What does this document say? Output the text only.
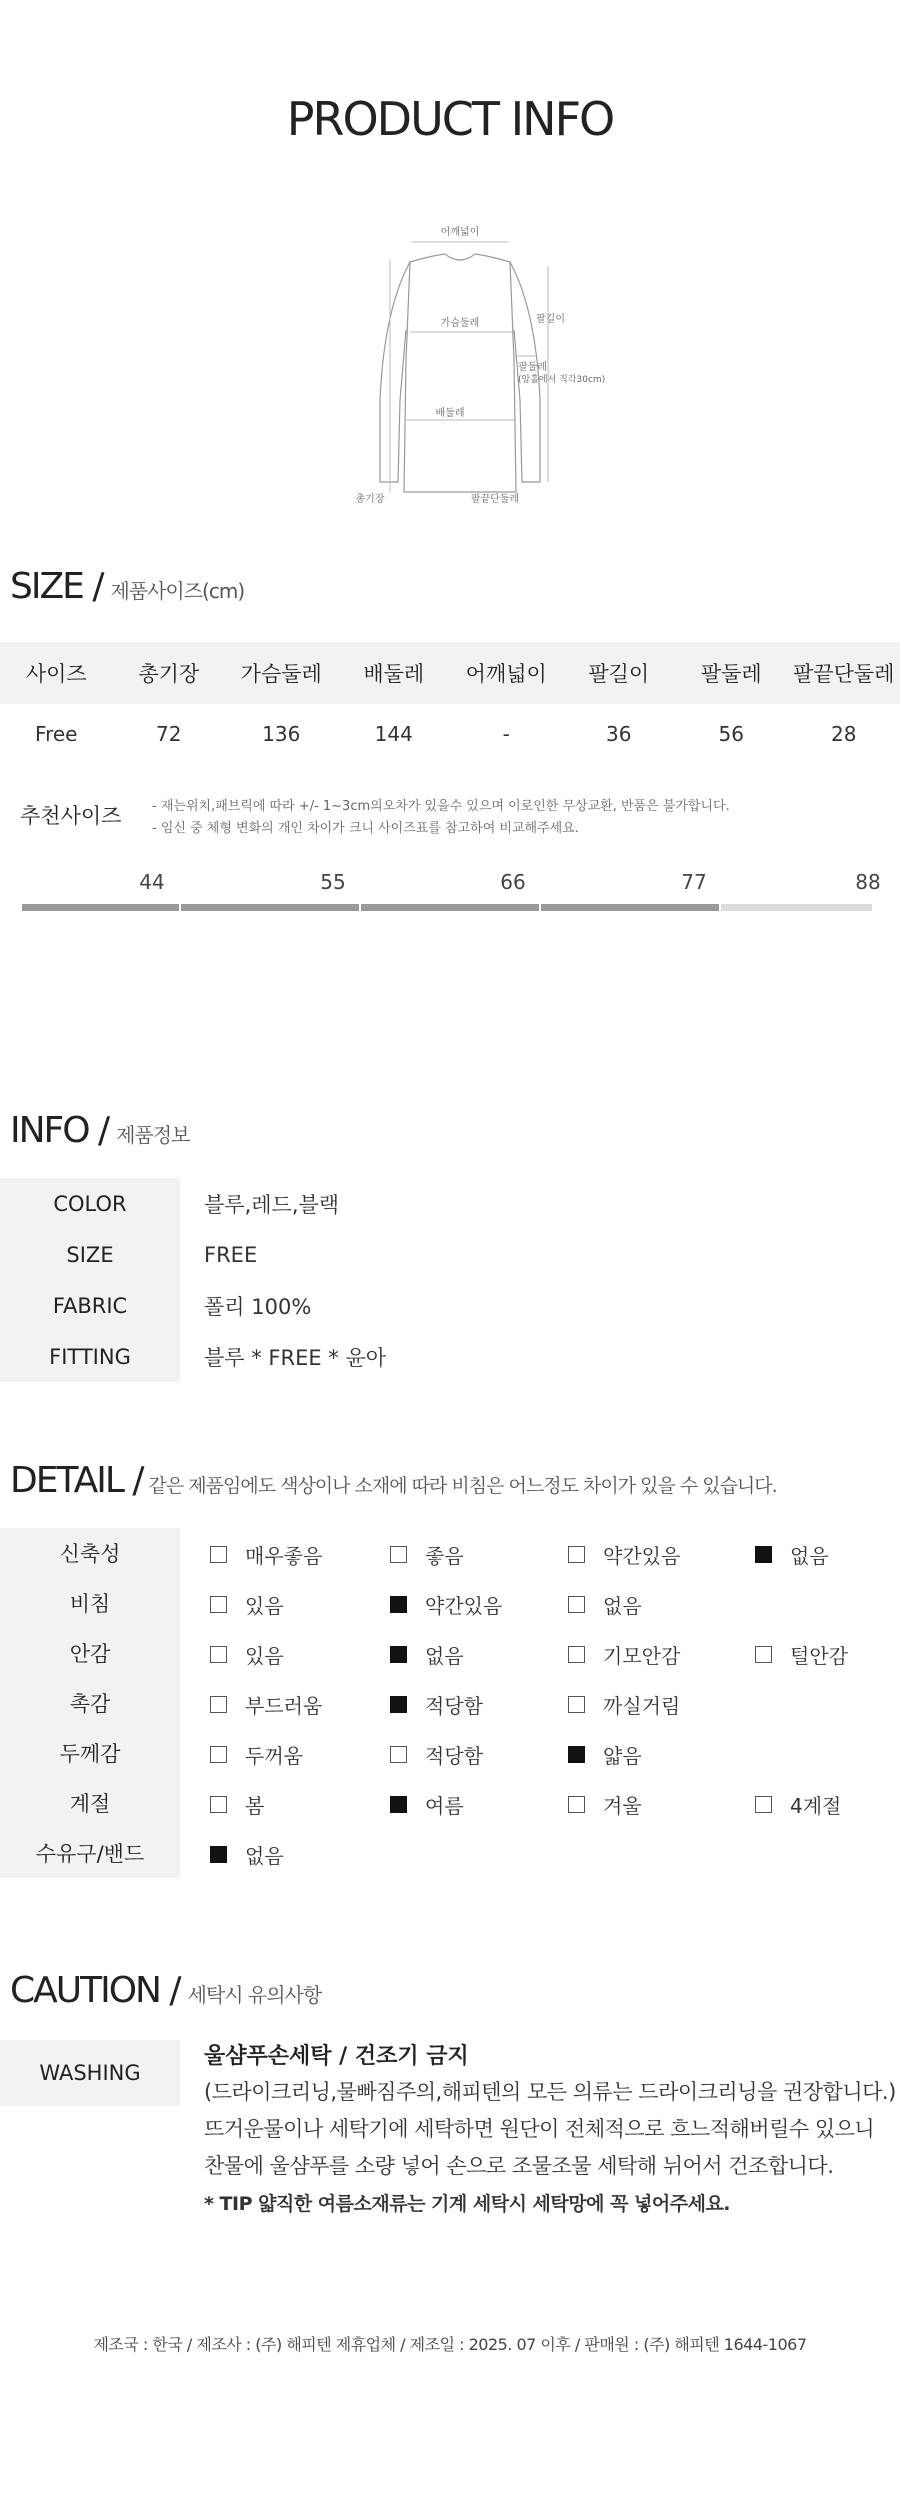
PRODUCT INFO
어깨넓이
가슴둘레	팔길이
팔둘레
(암홀에서 직각30cm)
배둘레
총기장	팔끝단둘레
SIZE / 제품사이즈(cm)
사이즈	총기장	가슴둘레	배둘레	어깨넓이	팔길이	팔둘레	팔끝단둘레
Free	72	136	144	-	36	56	28
추천사이즈 - 재는위치,패브릭에 따라 +/- 1~3cm의오차가 있을수 있으며 이로인한 무상교환, 반품은 불가합니다.
- 임신 중 체형 변화의 개인 차이가 크니 사이즈표를 참고하여 비교해주세요.
44	55	66	77	88
INFO / 제품정보
COLOR	블루,레드,블랙
SIZE	FREE
FABRIC	폴리 100%
FITTING	블루 * FREE * 윤아
DETAIL / 같은 제품임에도 색상이나 소재에 따라 비침은 어느정도 차이가 있을 수 있습니다.
신축성	매우좋음	좋음	약간있음	없음
비침	있음	약간있음	없음
안감	있음	없음	기모안감	털안감
촉감	부드러움	적당함	까실거림
두께감	두꺼움	적당함	얇음
계절	봄	여름	겨울	4계절
수유구/밴드	없음
CAUTION / 세탁시 유의사항
WASHING
울샴푸손세탁 / 건조기 금지
(드라이크리닝,물빠짐주의,해피텐의 모든 의류는 드라이크리닝을 권장합니다.)
뜨거운물이나 세탁기에 세탁하면 원단이 전체적으로 흐느적해버릴수 있으니
찬물에 울샴푸를 소량 넣어 손으로 조물조물 세탁해 뉘어서 건조합니다.
* TIP 얇직한 여름소재류는 기계 세탁시 세탁망에 꼭 넣어주세요.
제조국 : 한국 / 제조사 : (주) 해피텐 제휴업체 / 제조일 : 2025. 07 이후 / 판매원 : (주) 해피텐 1644-1067
